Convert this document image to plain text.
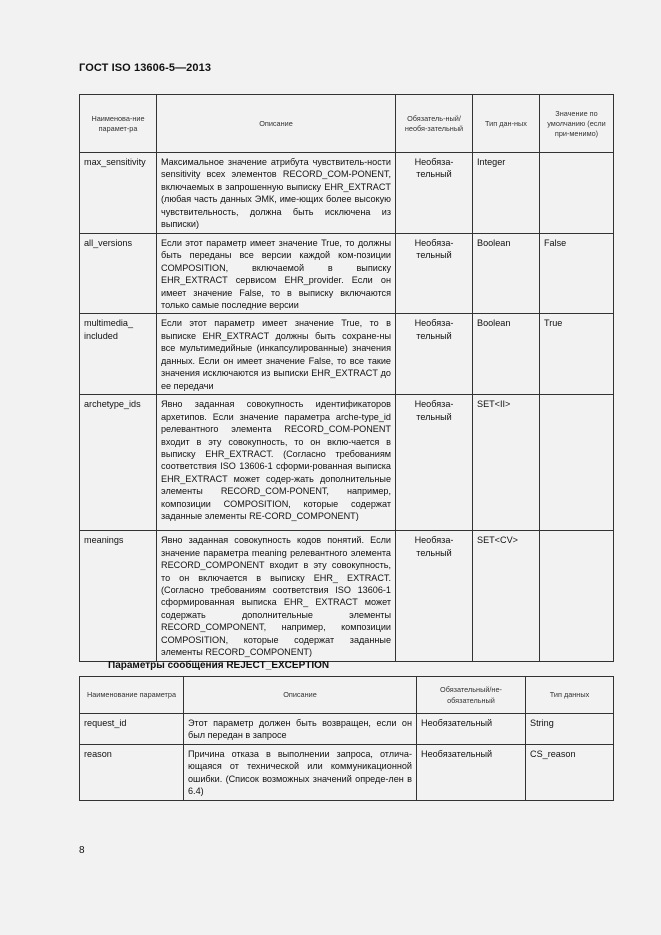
ГОСТ ISO 13606-5—2013
Наименова-ние парамет-ра	Описание	Обязатель-ный/необя-зательный	Тип дан-ных	Значение по умолчанию (если при-менимо)
max_sensitivity	Максимальное значение атрибута чувствитель-ности sensitivity всех элементов RECORD_COM-PONENT, включаемых в запрошенную выписку EHR_EXTRACT (любая часть данных ЭМК, име-ющих более высокую чувствительность, должна быть исключена из выписки)	Необяза-тельный	Integer	
all_versions	Если этот параметр имеет значение True, то должны быть переданы все версии каждой ком-позиции COMPOSITION, включаемой в выписку EHR_EXTRACT сервисом EHR_provider. Если он имеет значение False, то в выписку включаются только самые последние версии	Необяза-тельный	Boolean	False
multimedia_ included	Если этот параметр имеет значение True, то в выписке EHR_EXTRACT должны быть сохране-ны все мультимедийные (инкапсулированные) значения данных. Если он имеет значение False, то все такие значения исключаются из выписки EHR_EXTRACT до ее передачи	Необяза-тельный	Boolean	True
archetype_ids	Явно заданная совокупность идентификаторов архетипов. Если значение параметра arche-type_id релевантного элемента RECORD_COM-PONENT входит в эту совокупность, то он вклю-чается в выписку EHR_EXTRACT. (Согласно требованиям соответствия ISO 13606-1 сформи-рованная выписка EHR_EXTRACT может содер-жать дополнительные элементы RECORD_COM-PONENT, например, композиции COMPOSITION, которые содержат заданные элементы RE-CORD_COMPONENT)	Необяза-тельный	SET<II>	
meanings	Явно заданная совокупность кодов понятий. Если значение параметра meaning релевантного элемента RECORD_COMPONENT входит в эту совокупность, то он включается в выписку EHR_ EXTRACT. (Согласно требованиям соответствия ISO 13606-1 сформированная выписка EHR_ EXTRACT может содержать дополнительные элементы RECORD_COMPONENT, например, композиции COMPOSITION, которые содержат заданные элементы RECORD_COMPONENT)	Необяза-тельный	SET<CV>	
Параметры сообщения REJECT_EXCEPTION
Наименование параметра	Описание	Обязательный/не-обязательный	Тип данных
request_id	Этот параметр должен быть возвращен, если он был передан в запросе	Необязательный	String
reason	Причина отказа в выполнении запроса, отлича-ющаяся от технической или коммуникационной ошибки. (Список возможных значений опреде-лен в 6.4)	Необязательный	CS_reason
8
